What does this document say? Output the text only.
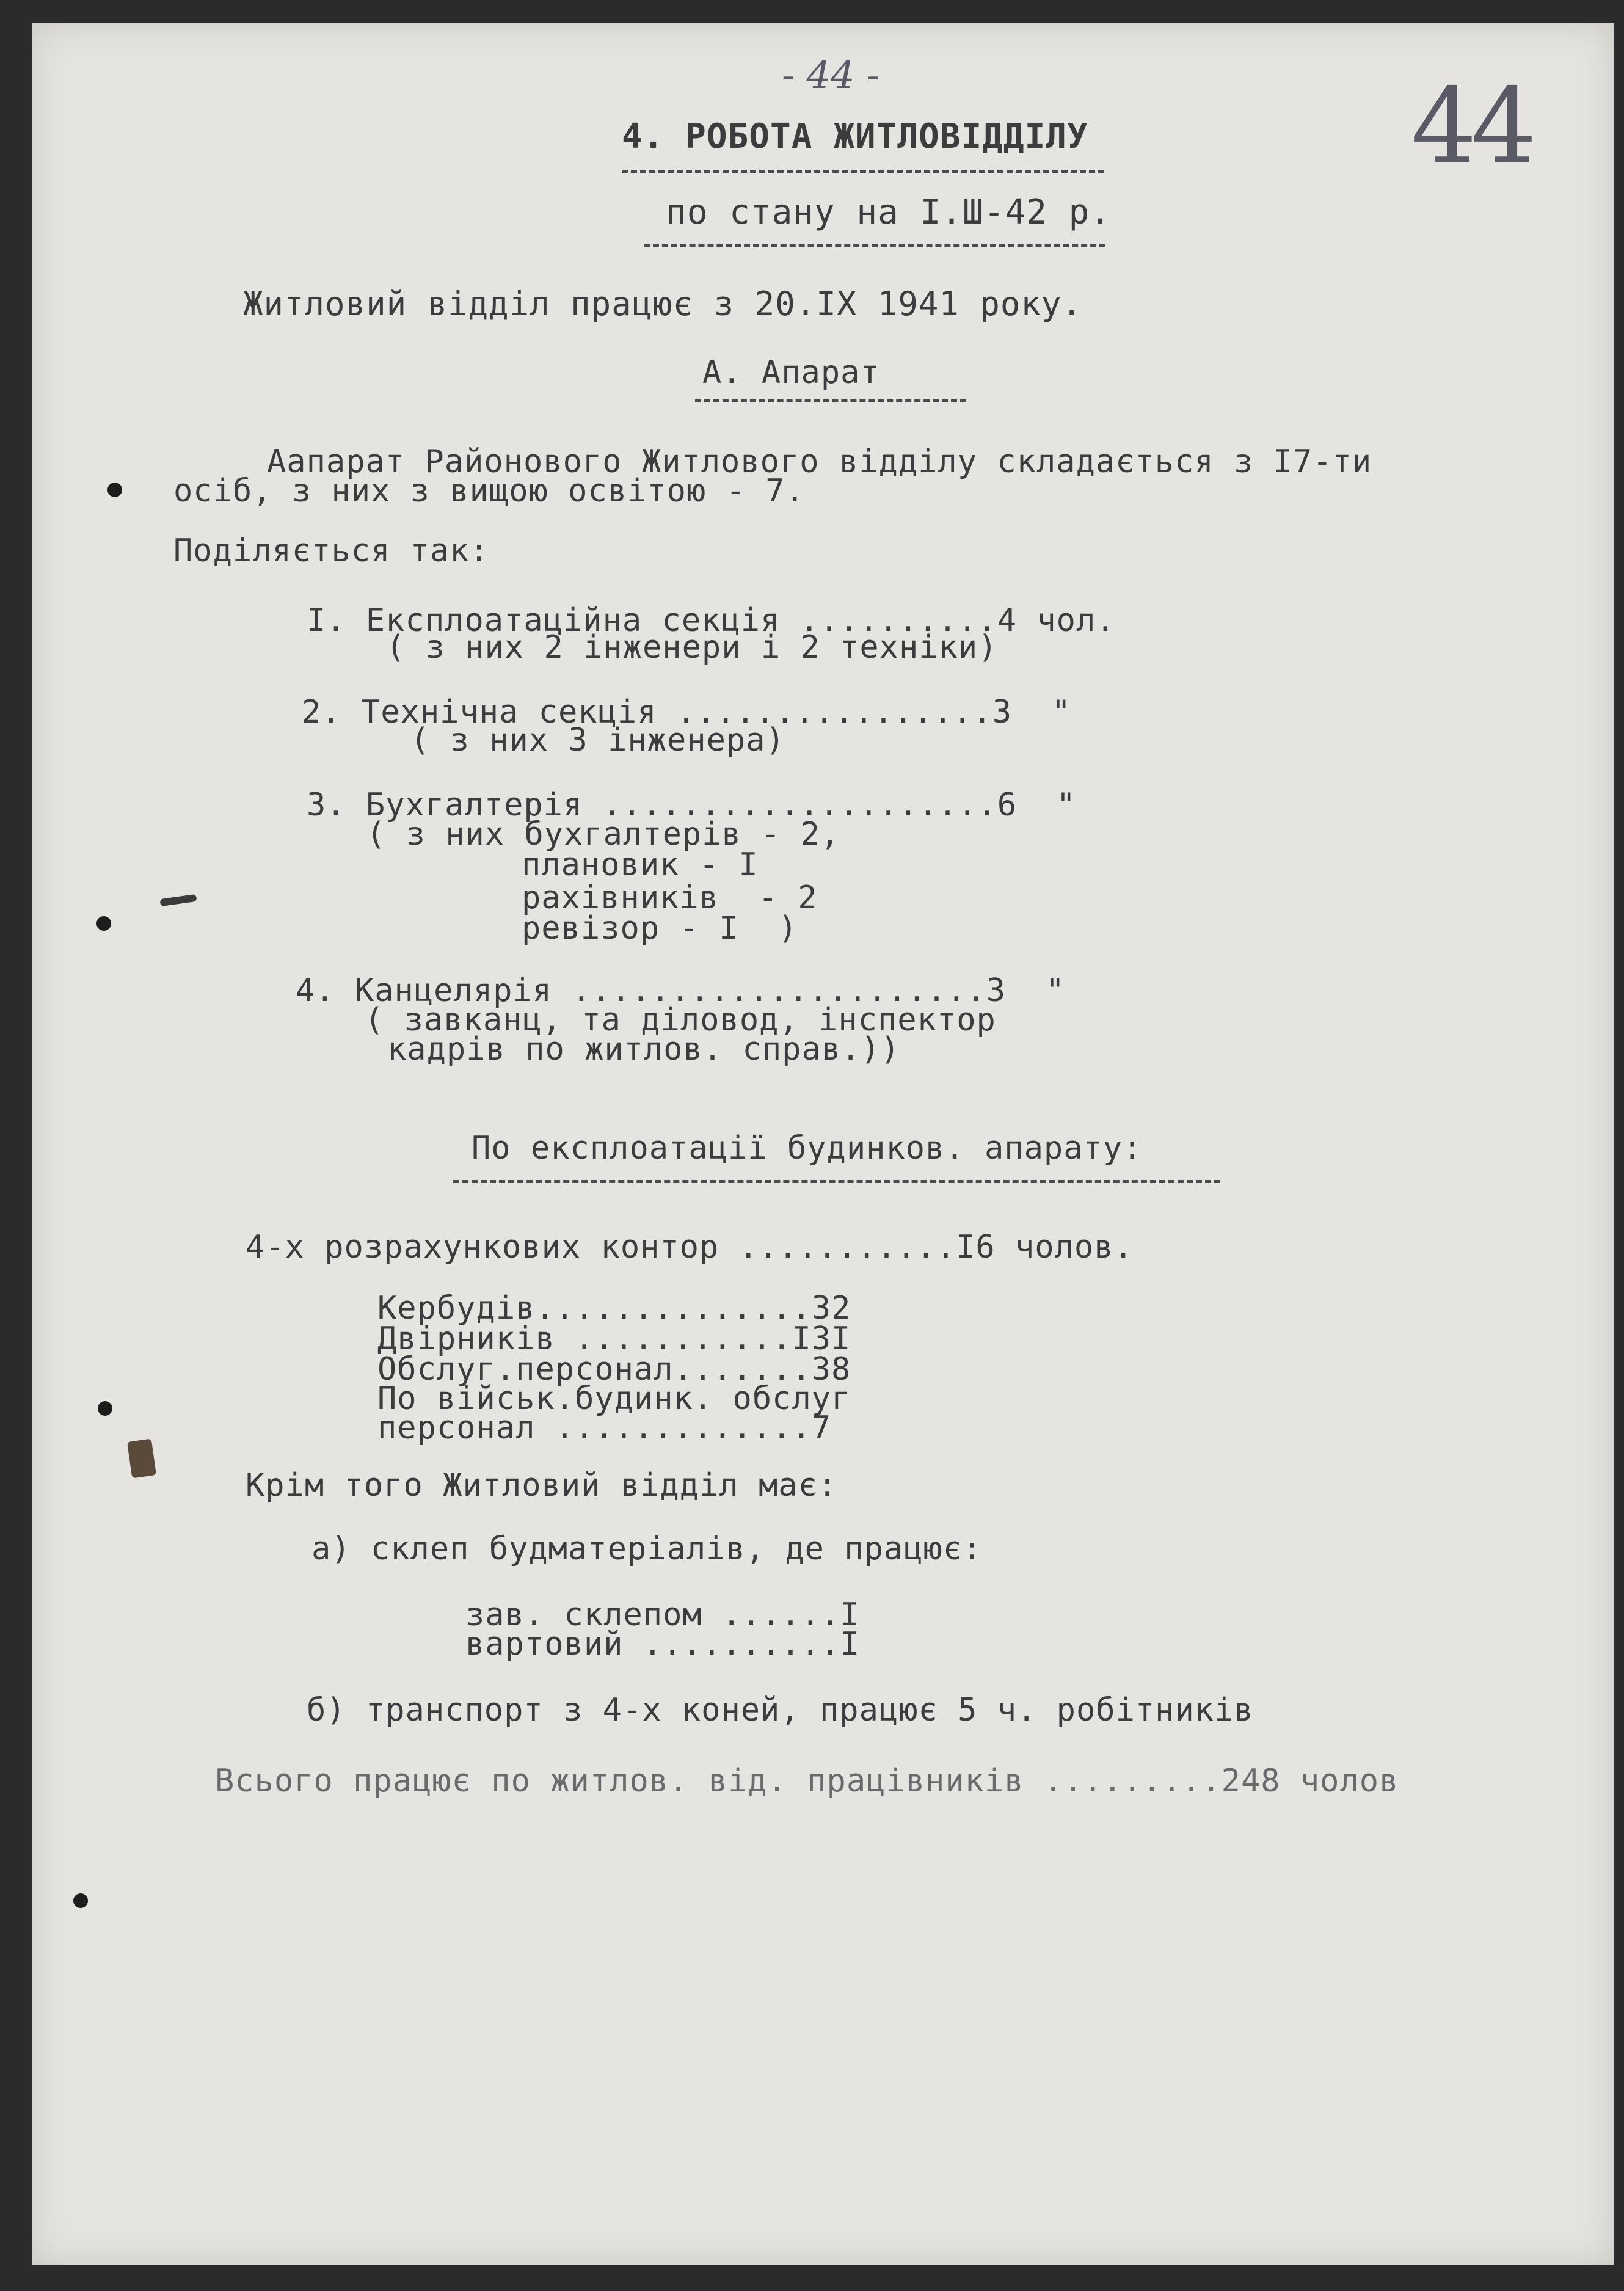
- 44 -	44
4. РОБОТА ЖИТЛОВІДДІЛУ
по стану на І.Ш-42 р.
Житловий відділ працює з 20.IX 1941 року.
А. Апарат
Аапарат Районового Житлового відділу складається з І7-ти
осіб, з них з вищою освітою - 7.
Поділяється так:
І. Експлоатаційна секція ..........4 чол.
( з них 2 інженери і 2 техніки)
2. Технічна секція ................3  "
( з них 3 інженера)
3. Бухгалтерія ....................6  "
( з них бухгалтерів - 2,
плановик - І
рахівників  - 2
ревізор - І  )
4. Канцелярія .....................3  "
( завканц, та діловод, інспектор
кадрів по житлов. справ.))
По експлоатації будинков. апарату:
4-х розрахункових контор ...........І6 чолов.
Кербудів..............32
Двірників ...........ІЗІ
Обслуг.персонал.......38
По військ.будинк. обслуг
персонал .............7
Крім того Житловий відділ має:
а) склеп будматеріалів, де працює:
зав. склепом ......І
вартовий ..........І
б) транспорт з 4-х коней, працює 5 ч. робітників
Всього працює по житлов. від. працівників .........248 чолов
